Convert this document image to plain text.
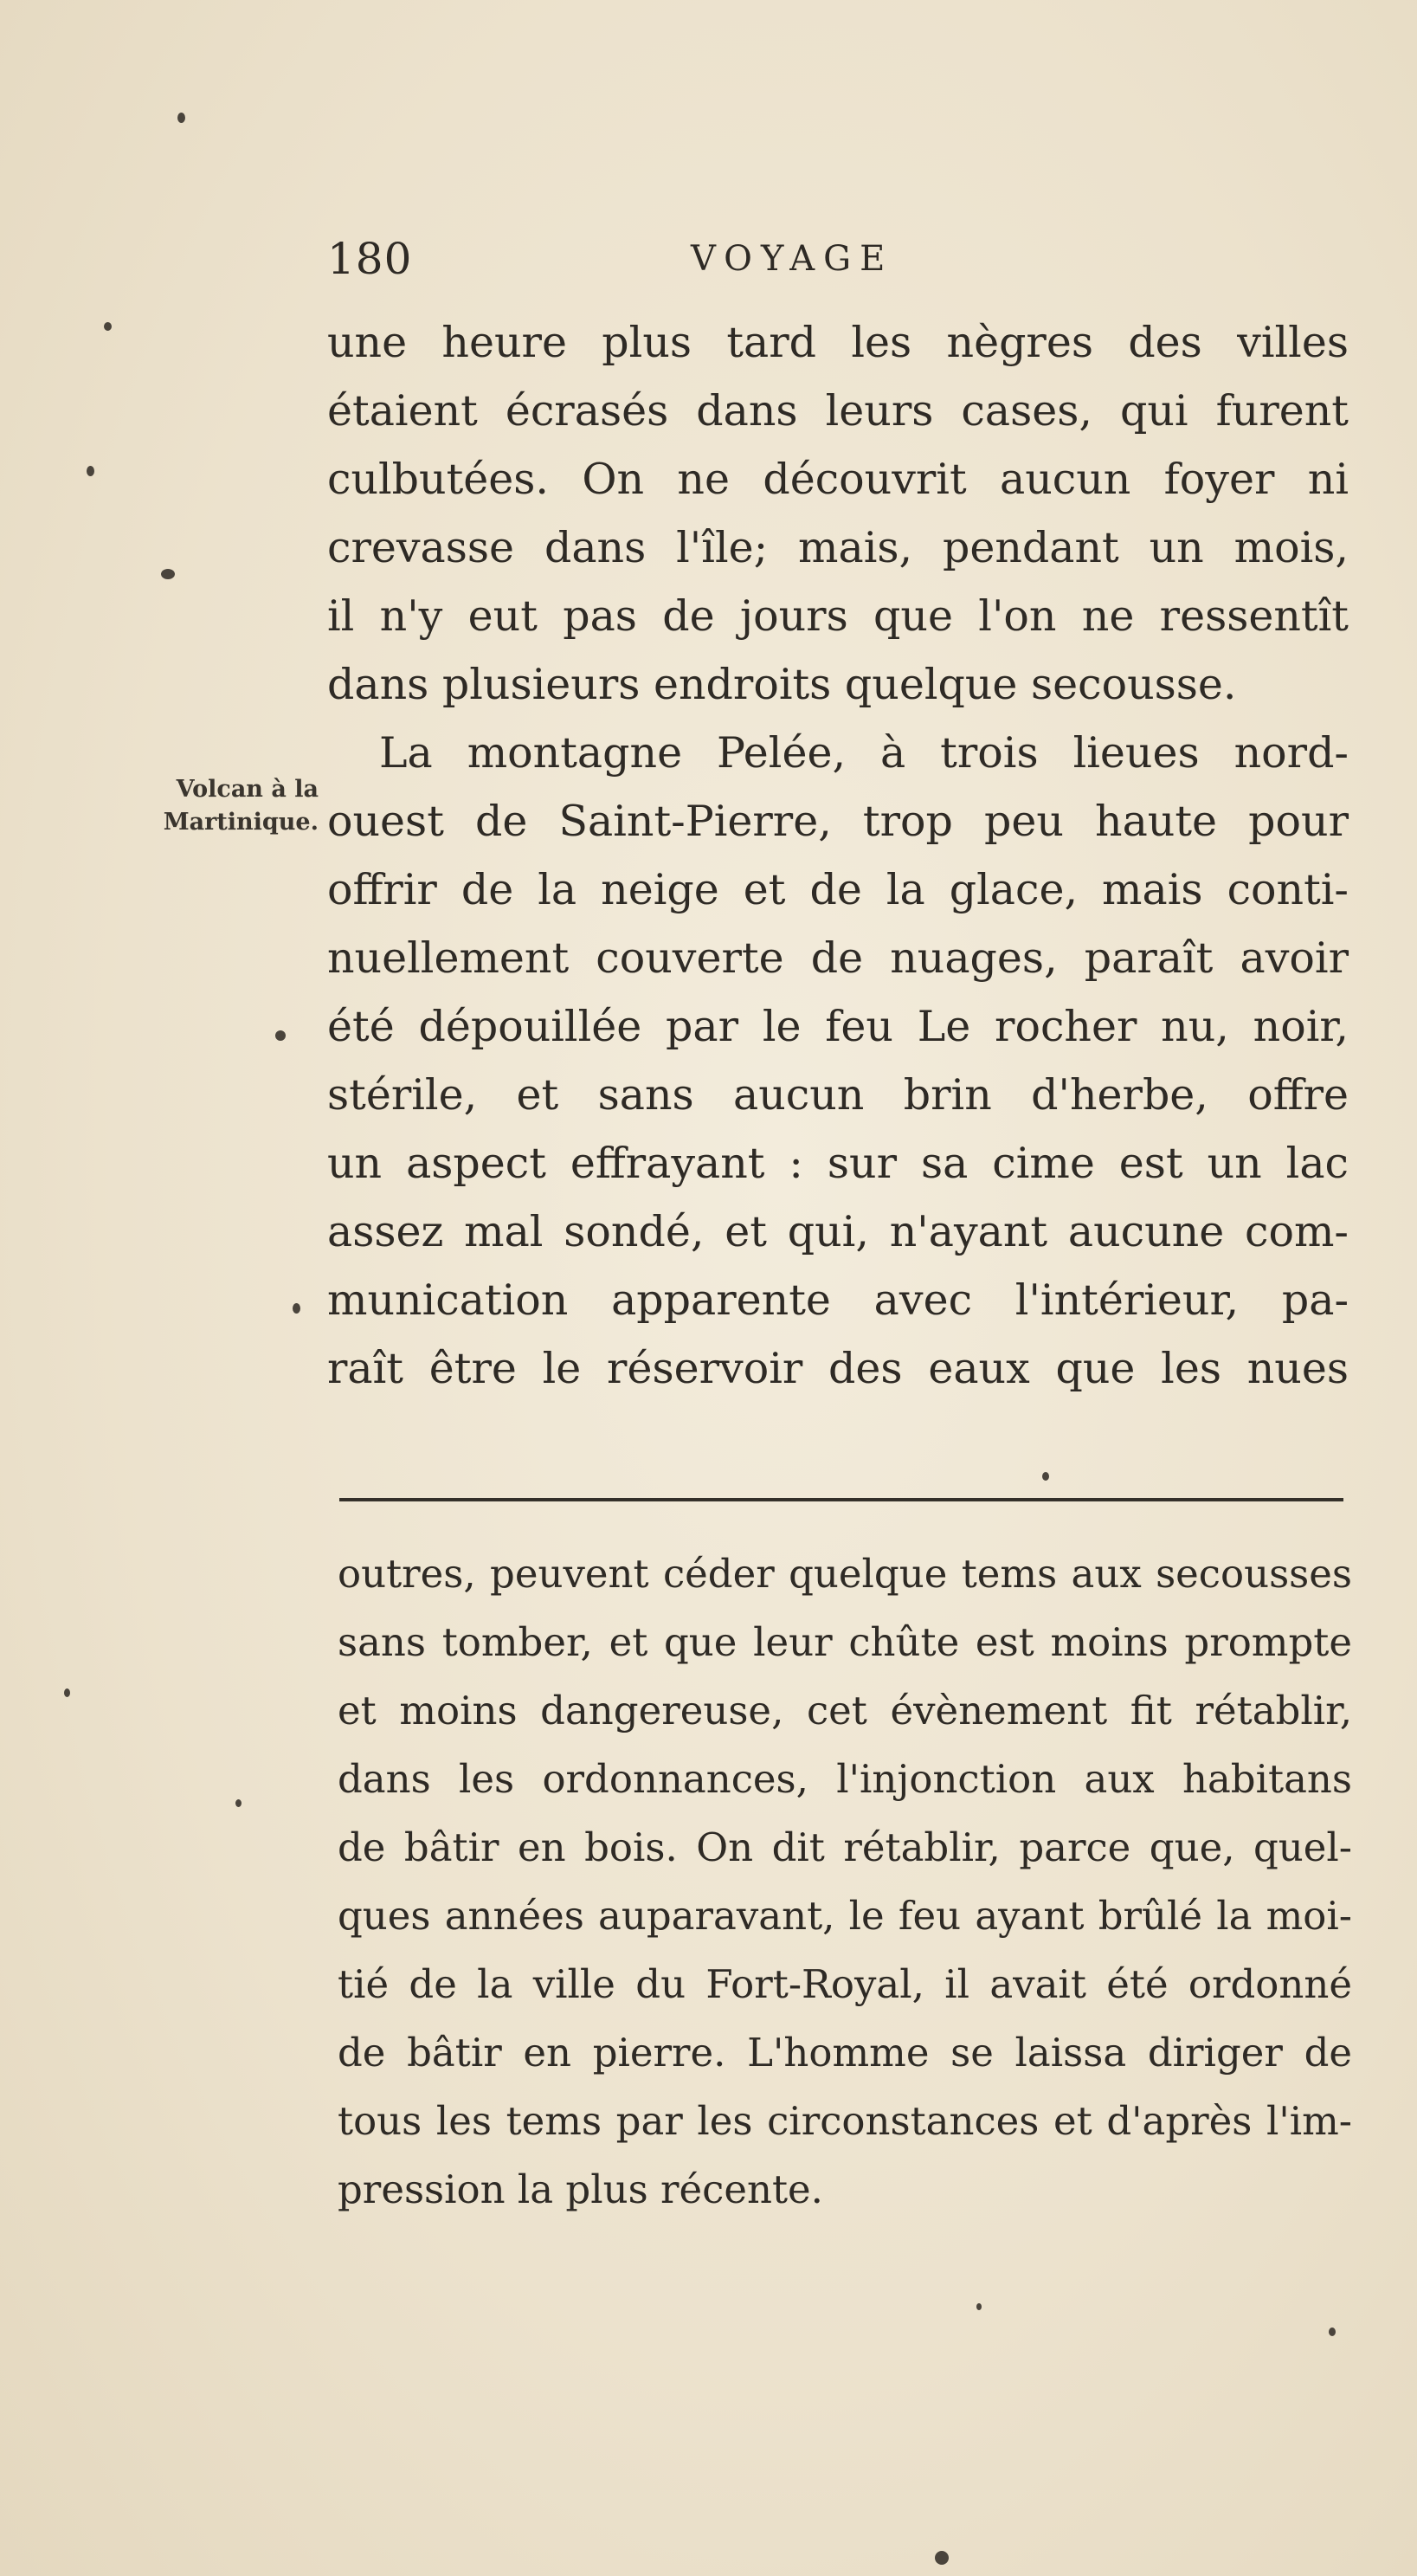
180	VOYAGE
Volcan à la
Martinique.
une heure plus tard les nègres des villes
étaient écrasés dans leurs cases, qui furent
culbutées. On ne découvrit aucun foyer ni
crevasse dans l'île; mais, pendant un mois,
il n'y eut pas de jours que l'on ne ressentît
dans plusieurs endroits quelque secousse.
La montagne Pelée, à trois lieues nord-
ouest de Saint-Pierre, trop peu haute pour
offrir de la neige et de la glace, mais conti-
nuellement couverte de nuages, paraît avoir
été dépouillée par le feu Le rocher nu, noir,
stérile, et sans aucun brin d'herbe, offre
un aspect effrayant : sur sa cime est un lac
assez mal sondé, et qui, n'ayant aucune com-
munication apparente avec l'intérieur, pa-
raît être le réservoir des eaux que les nues
outres, peuvent céder quelque tems aux secousses
sans tomber, et que leur chûte est moins prompte
et moins dangereuse, cet évènement fit rétablir,
dans les ordonnances, l'injonction aux habitans
de bâtir en bois. On dit rétablir, parce que, quel-
ques années auparavant, le feu ayant brûlé la moi-
tié de la ville du Fort-Royal, il avait été ordonné
de bâtir en pierre. L'homme se laissa diriger de
tous les tems par les circonstances et d'après l'im-
pression la plus récente.
